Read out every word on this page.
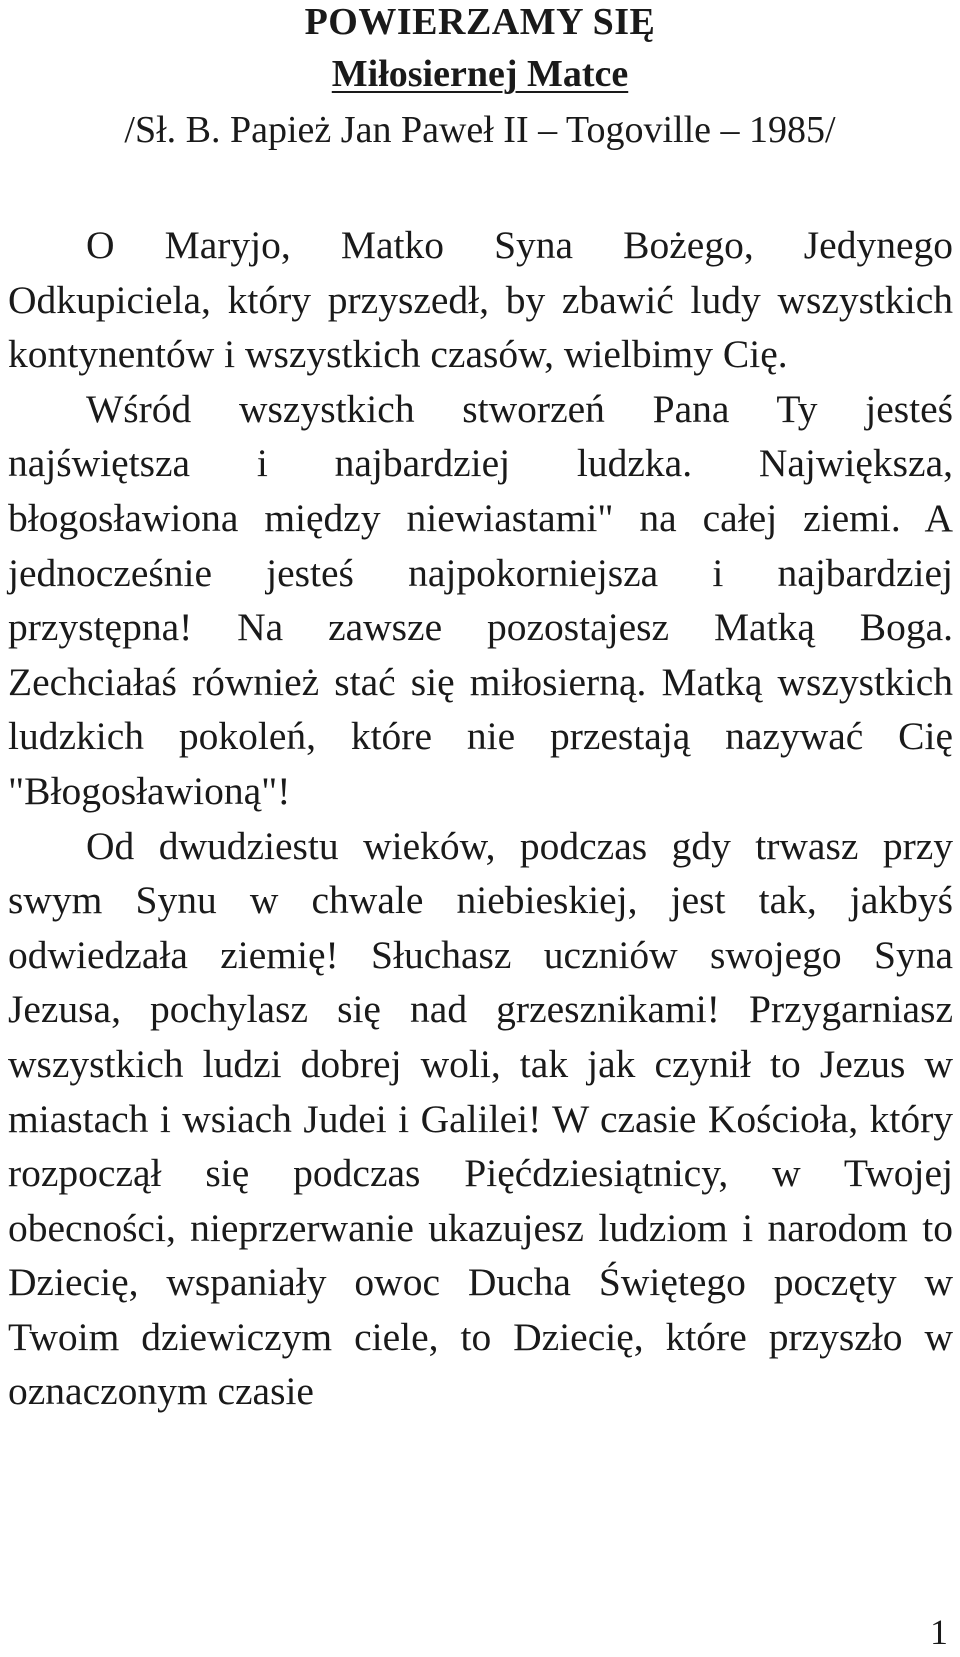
POWIERZAMY SIĘ
Miłosiernej Matce
/Sł. B. Papież Jan Paweł II – Togoville – 1985/

O Maryjo, Matko Syna Bożego, Jedynego Odkupiciela, który przyszedł, by zbawić ludy wszystkich kontynentów i wszystkich czasów, wielbimy Cię.

Wśród wszystkich stworzeń Pana Ty jesteś najświętsza i najbardziej ludzka. Największa, błogosławiona między niewiastami" na całej ziemi. A jednocześnie jesteś najpokorniejsza i najbardziej przystępna! Na zawsze pozostajesz Matką Boga. Zechciałaś również stać się miłosierną. Matką wszystkich ludzkich pokoleń, które nie przestają nazywać Cię "Błogosławioną"!

Od dwudziestu wieków, podczas gdy trwasz przy swym Synu w chwale niebieskiej, jest tak, jakbyś odwiedzała ziemię! Słuchasz uczniów swojego Syna Jezusa, pochylasz się nad grzesznikami! Przygarniasz wszystkich ludzi dobrej woli, tak jak czynił to Jezus w miastach i wsiach Judei i Galilei! W czasie Kościoła, który rozpoczął się podczas Pięćdziesiątnicy, w Twojej obecności, nieprzerwanie ukazujesz ludziom i narodom to Dziecię, wspaniały owoc Ducha Świętego poczęty w Twoim dziewiczym ciele, to Dziecię, które przyszło w oznaczonym czasie

1
